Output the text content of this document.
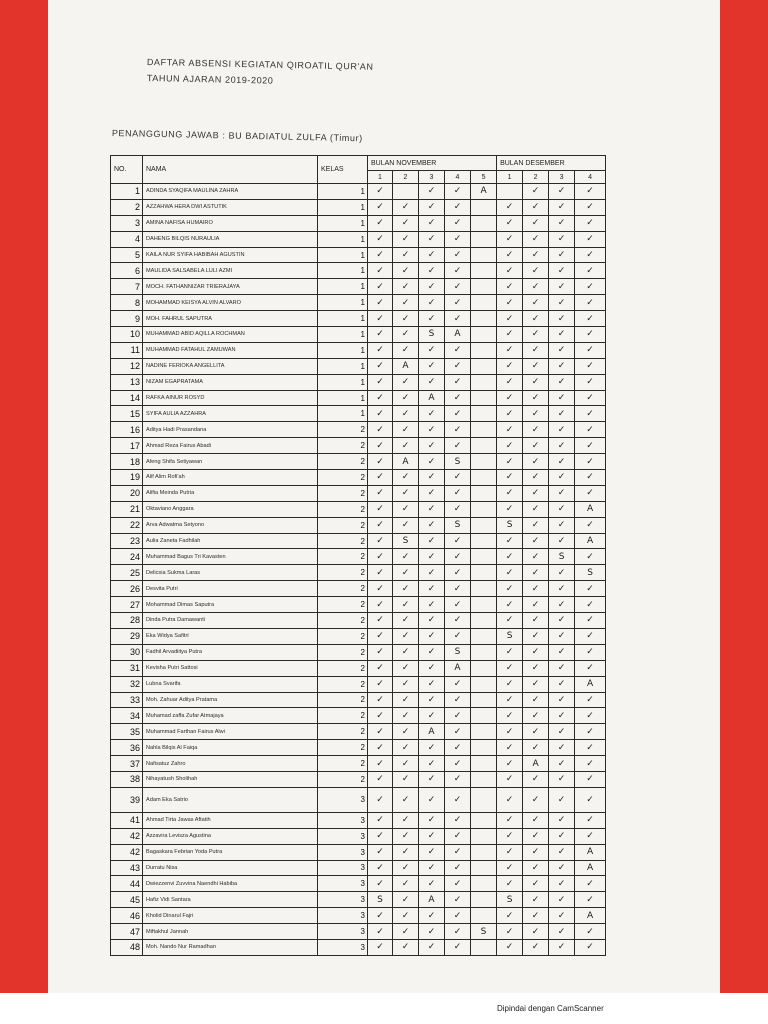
DAFTAR ABSENSI KEGIATAN QIROATIL QUR'AN
TAHUN AJARAN 2019-2020
PENANGGUNG JAWAB : BU BADIATUL ZULFA (Timur)
NO.	NAMA	KELAS	BULAN NOVEMBER					BULAN DESEMBER			
			1	2	3	4	5	1	2	3	4
1	ADINDA SYAQIFA MAULINA ZAHRA	1	✓		✓	✓	A		✓	✓	✓
2	AZZAHWA HERA DWI ASTUTIK	1	✓	✓	✓	✓		✓	✓	✓	✓
3	AMINA NAFISA HUMAIRO	1	✓	✓	✓	✓		✓	✓	✓	✓
4	DAHENG BILQIS NURAULIA	1	✓	✓	✓	✓		✓	✓	✓	✓
5	KAILA NUR SYIFA HABIBAH AGUSTIN	1	✓	✓	✓	✓		✓	✓	✓	✓
6	MAULIDA SALSABELA LULI AZMI	1	✓	✓	✓	✓		✓	✓	✓	✓
7	MOCH. FATHANNIZAR TRIERAJAYA	1	✓	✓	✓	✓		✓	✓	✓	✓
8	MOHAMMAD KEISYA ALVIN ALVARO	1	✓	✓	✓	✓		✓	✓	✓	✓
9	MOH. FAHRUL SAPUTRA	1	✓	✓	✓	✓		✓	✓	✓	✓
10	MUHAMMAD ABID AQILLA ROCHMAN	1	✓	✓	S	A		✓	✓	✓	✓
11	MUHAMMAD FATAHUL ZAMUWAN	1	✓	✓	✓	✓		✓	✓	✓	✓
12	NADINE FERIOKA ANGELLITA	1	✓	A	✓	✓		✓	✓	✓	✓
13	NIZAM EGAPRATAMA	1	✓	✓	✓	✓		✓	✓	✓	✓
14	RAFKA AINUR ROSYD	1	✓	✓	A	✓		✓	✓	✓	✓
15	SYIFA AULIA AZZAHRA	1	✓	✓	✓	✓		✓	✓	✓	✓
16	Aditya Hadi Prasandana	2	✓	✓	✓	✓		✓	✓	✓	✓
17	Ahmad Reza Fairus Abadi	2	✓	✓	✓	✓		✓	✓	✓	✓
18	Afeng Shifa Setiyawan	2	✓	A	✓	S		✓	✓	✓	✓
19	Alif Alim Rofi'ah	2	✓	✓	✓	✓		✓	✓	✓	✓
20	Alifia Meinda Putria	2	✓	✓	✓	✓		✓	✓	✓	✓
21	Oktaviano Anggara	2	✓	✓	✓	✓		✓	✓	✓	A
22	Arva Adwatma Setyono	2	✓	✓	✓	S		S	✓	✓	✓
23	Aulia Zaneta Fadhilah	2	✓	S	✓	✓		✓	✓	✓	A
24	Muhammad Bagus Tri Kavasten	2	✓	✓	✓	✓		✓	✓	S	✓
25	Delicsia Sukma Laras	2	✓	✓	✓	✓		✓	✓	✓	S
26	Desvita Putri	2	✓	✓	✓	✓		✓	✓	✓	✓
27	Mohammad Dimas Saputra	2	✓	✓	✓	✓		✓	✓	✓	✓
28	Dinda Putra Damawanti	2	✓	✓	✓	✓		✓	✓	✓	✓
29	Eka Widya Safitri	2	✓	✓	✓	✓		S	✓	✓	✓
30	Fadhil Arvadiitya Putra	2	✓	✓	✓	S		✓	✓	✓	✓
31	Kevisha Putri Sattosi	2	✓	✓	✓	A		✓	✓	✓	✓
32	Lubna Svarifa	2	✓	✓	✓	✓		✓	✓	✓	A
33	Moh. Zahuar Aditya Pratama	2	✓	✓	✓	✓		✓	✓	✓	✓
34	Muhamad zaffa Zufar Atmajaya	2	✓	✓	✓	✓		✓	✓	✓	✓
35	Muhammad Farthan Fairus Alwi	2	✓	✓	A	✓		✓	✓	✓	✓
36	Nahla Bilqis Al Faiqa	2	✓	✓	✓	✓		✓	✓	✓	✓
37	Nafisatuz Zahro	2	✓	✓	✓	✓		✓	A	✓	✓
38	Nihayatush Sholihah	2	✓	✓	✓	✓		✓	✓	✓	✓
39	Adam Eka Satrio	3	✓	✓	✓	✓		✓	✓	✓	✓
41	Ahmad Tirta Jawas Aftatih	3	✓	✓	✓	✓		✓	✓	✓	✓
42	Azzavira Levisza Agustina	3	✓	✓	✓	✓		✓	✓	✓	✓
42	Bagaskara Febrian Yoda Putra	3	✓	✓	✓	✓		✓	✓	✓	A
43	Durratu Nisa	3	✓	✓	✓	✓		✓	✓	✓	A
44	Dwiezzenvi Zuvvina Naendhi Habiba	3	✓	✓	✓	✓		✓	✓	✓	✓
45	Hafiz Vidi Santara	3	S	✓	A	✓		S	✓	✓	✓
46	Kholid Dinarul Fajri	3	✓	✓	✓	✓		✓	✓	✓	A
47	Miftakhul Jannah	3	✓	✓	✓	✓	S	✓	✓	✓	✓
48	Moh. Nando Nur Ramadhan	3	✓	✓	✓	✓		✓	✓	✓	✓
Dipindai dengan CamScanner
